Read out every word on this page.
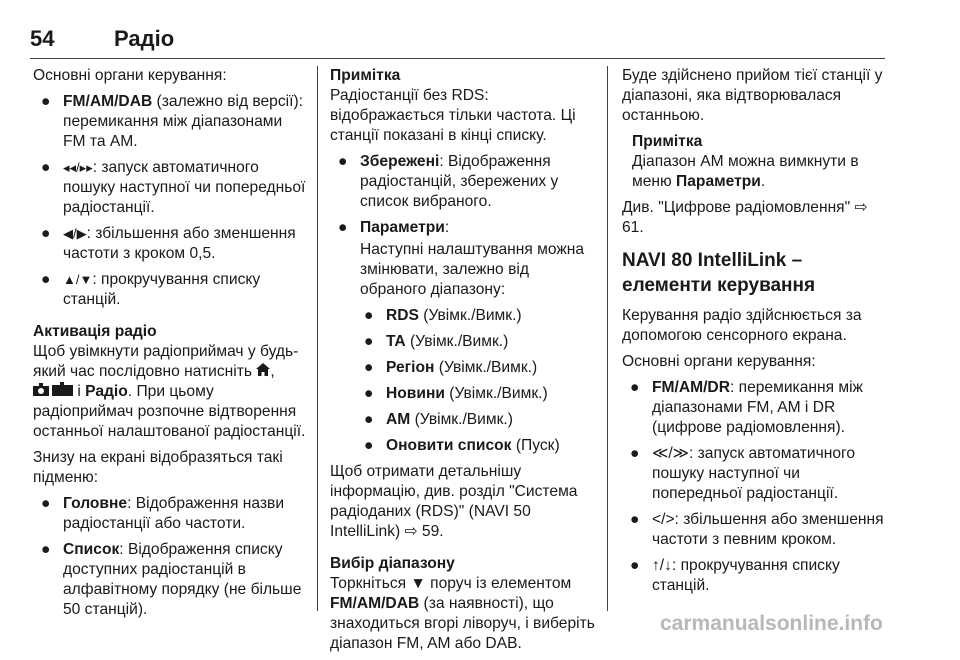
54	Радіо

Основні органи керування:

● FM/AM/DAB (залежно від версії): перемикання між діапазонами FM та AM.
● ◂◂/▸▸: запуск автоматичного пошуку наступної чи попередньої радіостанції.
● ◀/▶: збільшення або зменшення частоти з кроком 0,5.
● ▲/▼: прокручування списку станцій.

Активація радіо

Щоб увімкнути радіоприймач у будь-який час послідовно натисніть ,  і Радіо. При цьому радіоприймач розпочне відтворення останньої налаштованої радіостанції.

Знизу на екрані відобразяться такі підменю:

● Головне: Відображення назви радіостанції або частоти.
● Список: Відображення списку доступних радіостанцій в алфавітному порядку (не більше 50 станцій).

Примітка

Радіостанції без RDS: відображається тільки частота. Ці станції показані в кінці списку.

● Збережені: Відображення радіостанцій, збережених у список вибраного.
● Параметри:

Наступні налаштування можна змінювати, залежно від обраного діапазону:

● RDS (Увімк./Вимк.)
● TA (Увімк./Вимк.)
● Регіон (Увімк./Вимк.)
● Новини (Увімк./Вимк.)
● AM (Увімк./Вимк.)
● Оновити список (Пуск)

Щоб отримати детальнішу інформацію, див. розділ "Система радіоданих (RDS)" (NAVI 50 IntelliLink) ⇨ 59.

Вибір діапазону

Торкніться ▼ поруч із елементом FM/AM/DAB (за наявності), що знаходиться вгорі ліворуч, і виберіть діапазон FM, AM або DAB.

Буде здійснено прийом тієї станції у діапазоні, яка відтворювалася останньою.

Примітка

Діапазон AM можна вимкнути в меню Параметри.

Див. "Цифрове радіомовлення" ⇨ 61.

NAVI 80 IntelliLink – елементи керування

Керування радіо здійснюється за допомогою сенсорного екрана.

Основні органи керування:

● FM/AM/DR: перемикання між діапазонами FM, AM і DR (цифрове радіомовлення).
● ≪/≫: запуск автоматичного пошуку наступної чи попередньої радіостанції.
● </>: збільшення або зменшення частоти з певним кроком.
● ↑/↓: прокручування списку станцій.
carmanualsonline.info
